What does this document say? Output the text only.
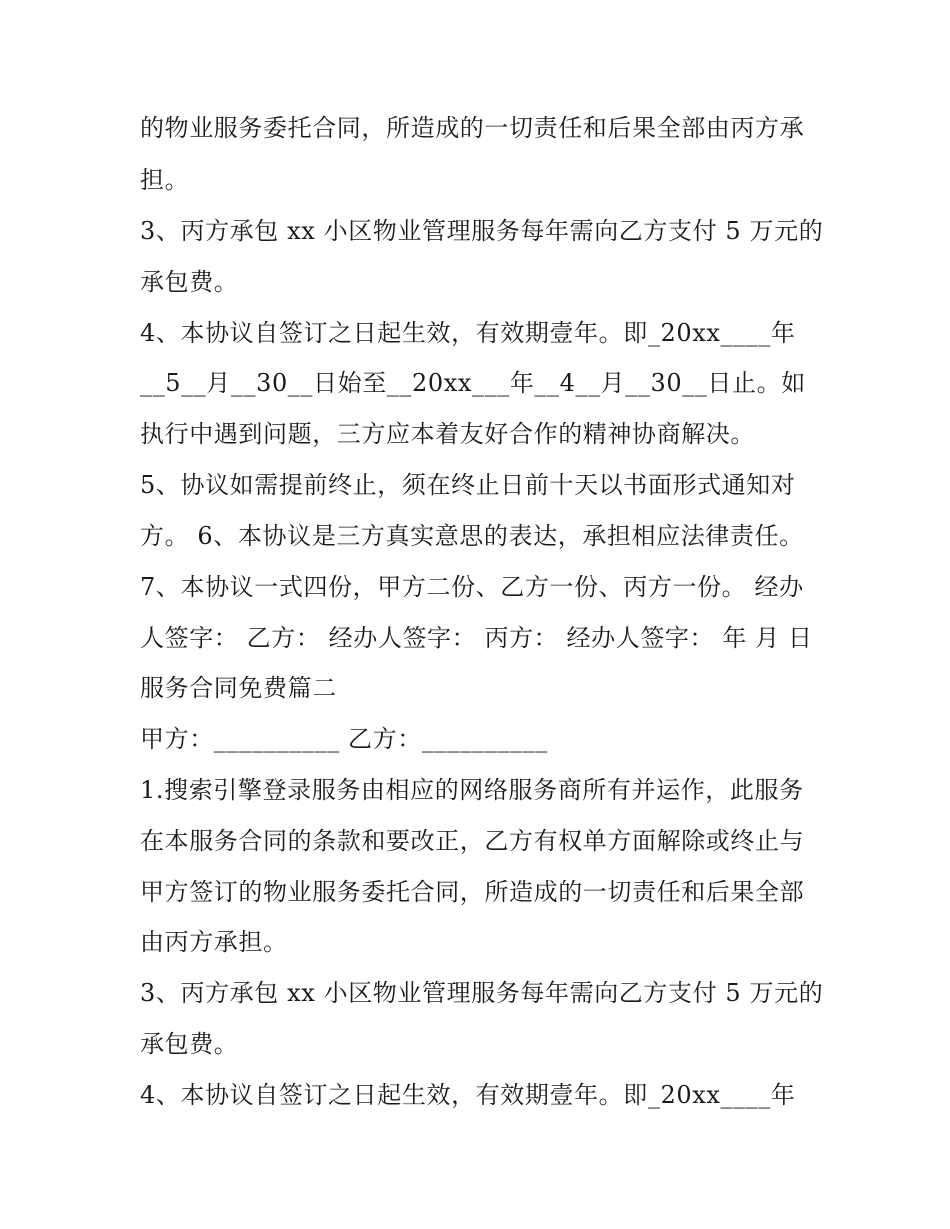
的物业服务委托合同，所造成的一切责任和后果全部由丙方承
担。
3、丙方承包 xx 小区物业管理服务每年需向乙方支付 5 万元的
承包费。
4、本协议自签订之日起生效，有效期壹年。即_20xx____年
__5__月__30__日始至__20xx___年__4__月__30__日止。如
执行中遇到问题，三方应本着友好合作的精神协商解决。
5、协议如需提前终止，须在终止日前十天以书面形式通知对
方。 6、本协议是三方真实意思的表达，承担相应法律责任。
7、本协议一式四份，甲方二份、乙方一份、丙方一份。 经办
人签字： 乙方： 经办人签字： 丙方： 经办人签字： 年 月 日
服务合同免费篇二
甲方：__________ 乙方：__________
1.搜索引擎登录服务由相应的网络服务商所有并运作，此服务
在本服务合同的条款和要改正，乙方有权单方面解除或终止与
甲方签订的物业服务委托合同，所造成的一切责任和后果全部
由丙方承担。
3、丙方承包 xx 小区物业管理服务每年需向乙方支付 5 万元的
承包费。
4、本协议自签订之日起生效，有效期壹年。即_20xx____年
